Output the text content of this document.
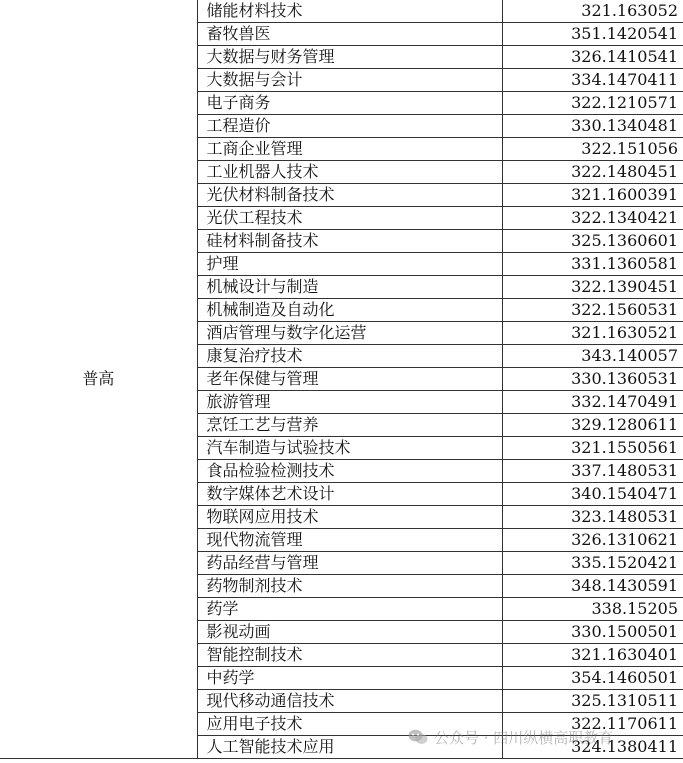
普高	储能材料技术	321.163052
	畜牧兽医	351.1420541
	大数据与财务管理	326.1410541
	大数据与会计	334.1470411
	电子商务	322.1210571
	工程造价	330.1340481
	工商企业管理	322.151056
	工业机器人技术	322.1480451
	光伏材料制备技术	321.1600391
	光伏工程技术	322.1340421
	硅材料制备技术	325.1360601
	护理	331.1360581
	机械设计与制造	322.1390451
	机械制造及自动化	322.1560531
	酒店管理与数字化运营	321.1630521
	康复治疗技术	343.140057
	老年保健与管理	330.1360531
	旅游管理	332.1470491
	烹饪工艺与营养	329.1280611
	汽车制造与试验技术	321.1550561
	食品检验检测技术	337.1480531
	数字媒体艺术设计	340.1540471
	物联网应用技术	323.1480531
	现代物流管理	326.1310621
	药品经营与管理	335.1520421
	药物制剂技术	348.1430591
	药学	338.15205
	影视动画	330.1500501
	智能控制技术	321.1630401
	中药学	354.1460501
	现代移动通信技术	325.1310511
	应用电子技术	322.1170611
	人工智能技术应用	324.1380411
公众号 · 四川纵横高职教育
